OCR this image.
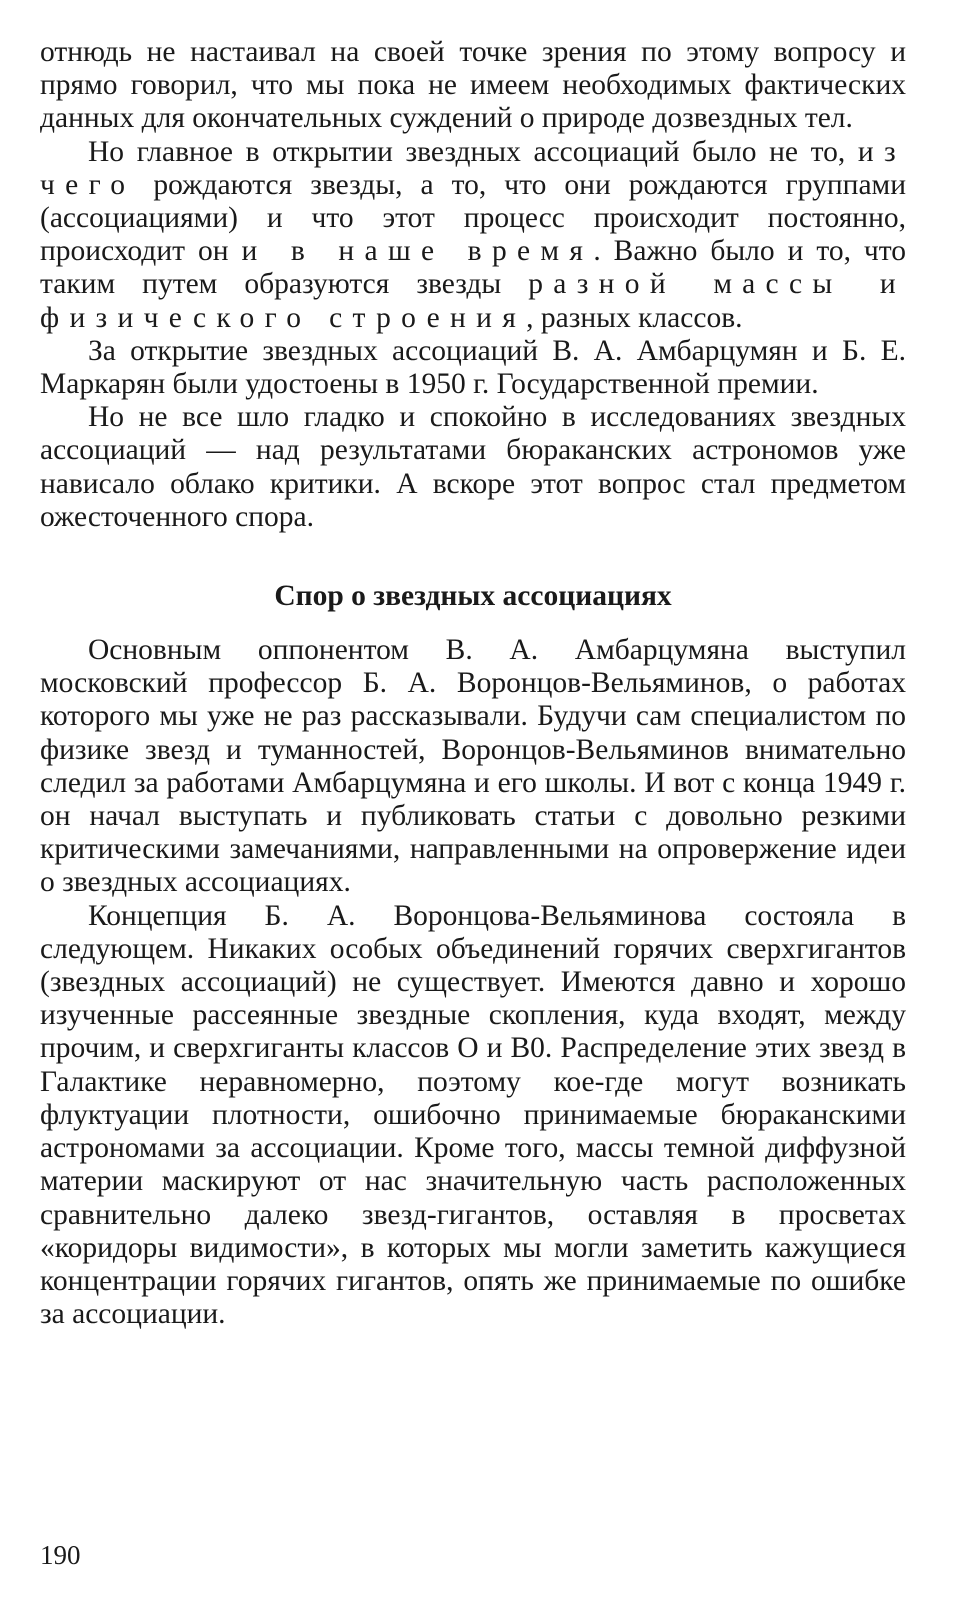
отнюдь не настаивал на своей точке зрения по этому вопросу и прямо говорил, что мы пока не имеем необходимых фактических данных для окончательных суждений о природе дозвездных тел.

Но главное в открытии звездных ассоциаций было не то, из чего рождаются звезды, а то, что они рождаются группами (ассоциациями) и что этот процесс происходит постоянно, происходит он и в наше время. Важно было и то, что таким путем образуются звезды разной массы и физического строения, разных классов.

За открытие звездных ассоциаций В. А. Амбарцумян и Б. Е. Маркарян были удостоены в 1950 г. Государственной премии.

Но не все шло гладко и спокойно в исследованиях звездных ассоциаций — над результатами бюраканских астрономов уже нависало облако критики. А вскоре этот вопрос стал предметом ожесточенного спора.

Спор о звездных ассоциациях

Основным оппонентом В. А. Амбарцумяна выступил московский профессор Б. А. Воронцов-Вельяминов, о работах которого мы уже не раз рассказывали. Будучи сам специалистом по физике звезд и туманностей, Воронцов-Вельяминов внимательно следил за работами Амбарцумяна и его школы. И вот с конца 1949 г. он начал выступать и публиковать статьи с довольно резкими критическими замечаниями, направленными на опровержение идеи о звездных ассоциациях.

Концепция Б. А. Воронцова-Вельяминова состояла в следующем. Никаких особых объединений горячих сверхгигантов (звездных ассоциаций) не существует. Имеются давно и хорошо изученные рассеянные звездные скопления, куда входят, между прочим, и сверхгиганты классов О и В0. Распределение этих звезд в Галактике неравномерно, поэтому кое-где могут возникать флуктуации плотности, ошибочно принимаемые бюраканскими астрономами за ассоциации. Кроме того, массы темной диффузной материи маскируют от нас значительную часть расположенных сравнительно далеко звезд-гигантов, оставляя в просветах «коридоры видимости», в которых мы могли заметить кажущиеся концентрации горячих гигантов, опять же принимаемые по ошибке за ассоциации.

190
